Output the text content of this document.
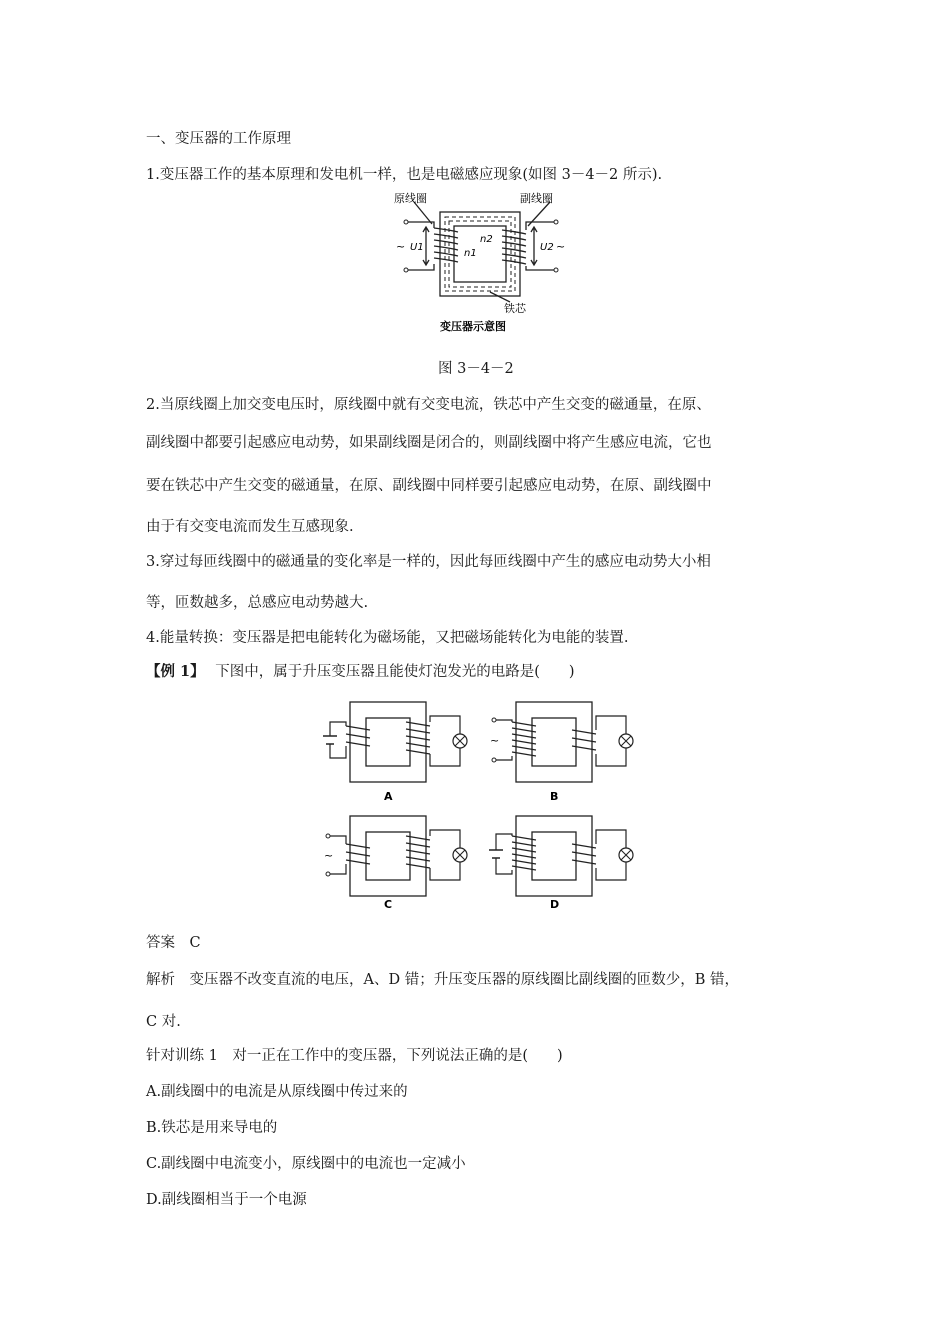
一、变压器的工作原理
1.变压器工作的基本原理和发电机一样，也是电磁感应现象(如图 3－4－2 所示).
原线圈	副线圈
~ U1	U2 ~
n1
n2
铁芯
变压器示意图
图 3－4－2
2.当原线圈上加交变电压时，原线圈中就有交变电流，铁芯中产生交变的磁通量，在原、
副线圈中都要引起感应电动势，如果副线圈是闭合的，则副线圈中将产生感应电流，它也
要在铁芯中产生交变的磁通量，在原、副线圈中同样要引起感应电动势，在原、副线圈中
由于有交变电流而发生互感现象.
3.穿过每匝线圈中的磁通量的变化率是一样的，因此每匝线圈中产生的感应电动势大小相
等，匝数越多，总感应电动势越大.
4.能量转换：变压器是把电能转化为磁场能，又把磁场能转化为电能的装置.
【例 1】 下图中，属于升压变压器且能使灯泡发光的电路是(　　)
A
~
B
~
C	D
答案　C
解析　变压器不改变直流的电压，A、D 错；升压变压器的原线圈比副线圈的匝数少，B 错，
C 对.
针对训练 1　对一正在工作中的变压器，下列说法正确的是(　　)
A.副线圈中的电流是从原线圈中传过来的
B.铁芯是用来导电的
C.副线圈中电流变小，原线圈中的电流也一定减小
D.副线圈相当于一个电源
